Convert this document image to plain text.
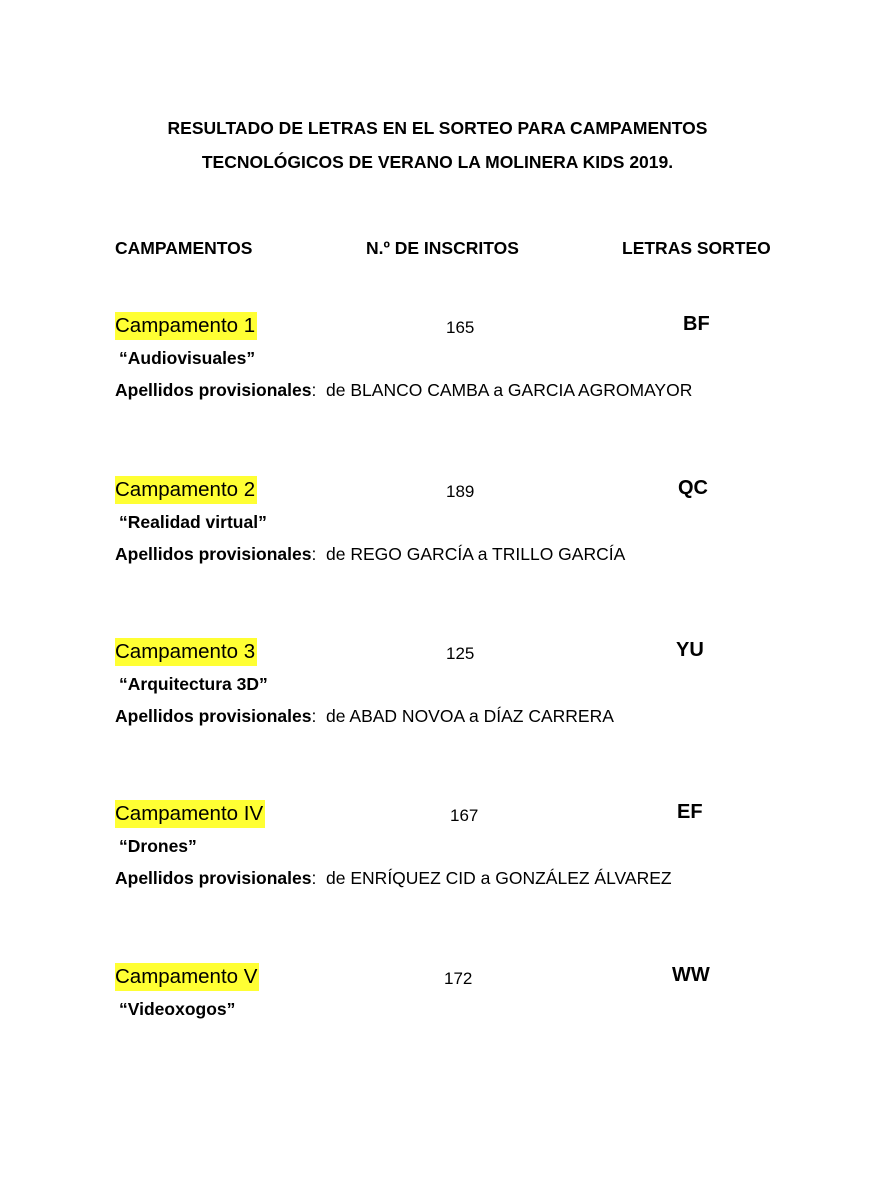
RESULTADO DE LETRAS EN EL SORTEO PARA CAMPAMENTOS
TECNOLÓGICOS DE VERANO LA MOLINERA KIDS 2019.
CAMPAMENTOS	N.º DE INSCRITOS	LETRAS SORTEO
Campamento 1	165	BF
“Audiovisuales”
Apellidos provisionales:  de BLANCO CAMBA a GARCIA AGROMAYOR
Campamento 2	189	QC
“Realidad virtual”
Apellidos provisionales:  de REGO GARCÍA a TRILLO GARCÍA
Campamento 3	125	YU
“Arquitectura 3D”
Apellidos provisionales:  de ABAD NOVOA a DÍAZ CARRERA
Campamento IV	167	EF
“Drones”
Apellidos provisionales:  de ENRÍQUEZ CID a GONZÁLEZ ÁLVAREZ
Campamento V	172	WW
“Videoxogos”
